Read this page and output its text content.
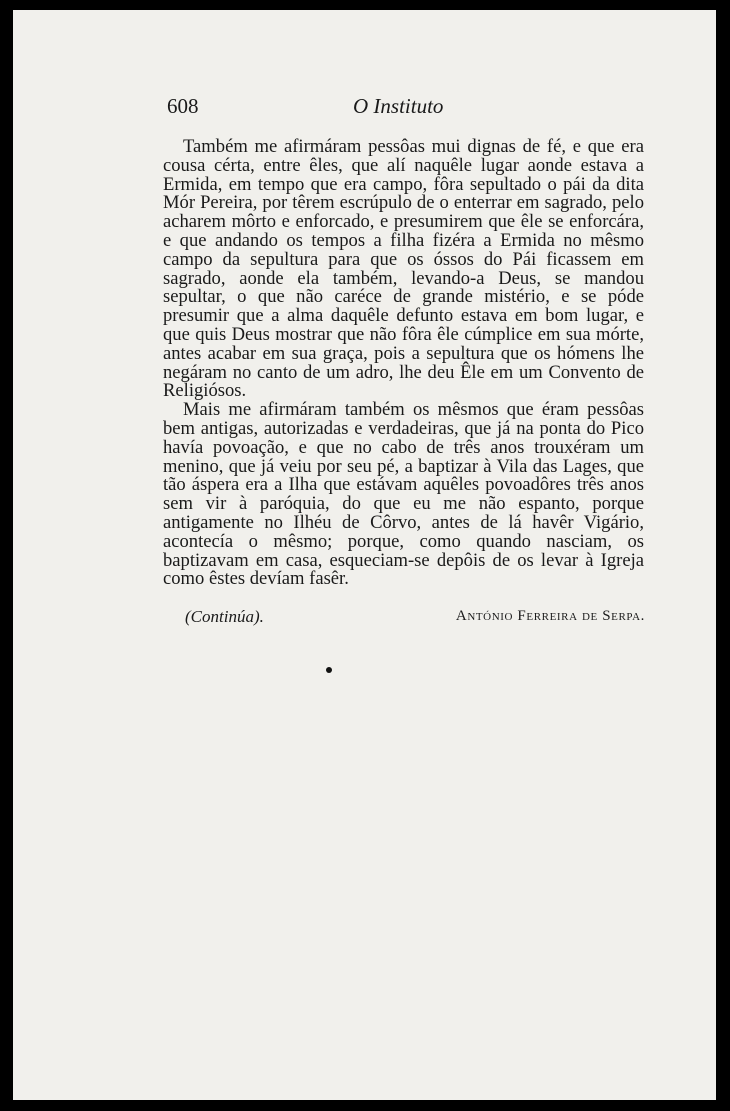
608	O Instituto

Também me afirmáram pessôas mui dignas de fé, e que era cousa cérta, entre êles, que alí naquêle lugar aonde estava a Ermida, em tempo que era campo, fôra sepultado o pái da dita Mór Pereira, por têrem escrúpulo de o enterrar em sagrado, pelo acharem môrto e enforcado, e presumirem que êle se enforcára, e que andando os tempos a filha fizéra a Ermida no mêsmo campo da sepultura para que os óssos do Pái ficassem em sagrado, aonde ela também, levando-a Deus, se mandou sepultar, o que não caréce de grande mistério, e se póde presumir que a alma daquêle defunto estava em bom lugar, e que quis Deus mostrar que não fôra êle cúmplice em sua mórte, antes acabar em sua graça, pois a sepultura que os hómens lhe negáram no canto de um adro, lhe deu Êle em um Convento de Religiósos.

Mais me afirmáram também os mêsmos que éram pessôas bem antigas, autorizadas e verdadeiras, que já na ponta do Pico havía povoação, e que no cabo de três anos trouxéram um menino, que já veiu por seu pé, a baptizar à Vila das Lages, que tão áspera era a Ilha que estávam aquêles povoadôres três anos sem vir à paróquia, do que eu me não espanto, porque antigamente no Ilhéu de Côrvo, antes de lá havêr Vigário, acontecía o mêsmo; porque, como quando nasciam, os baptizavam em casa, esqueciam-se depôis de os levar à Igreja como êstes devíam fasêr.

(Continúa).	António Ferreira de Serpa.
